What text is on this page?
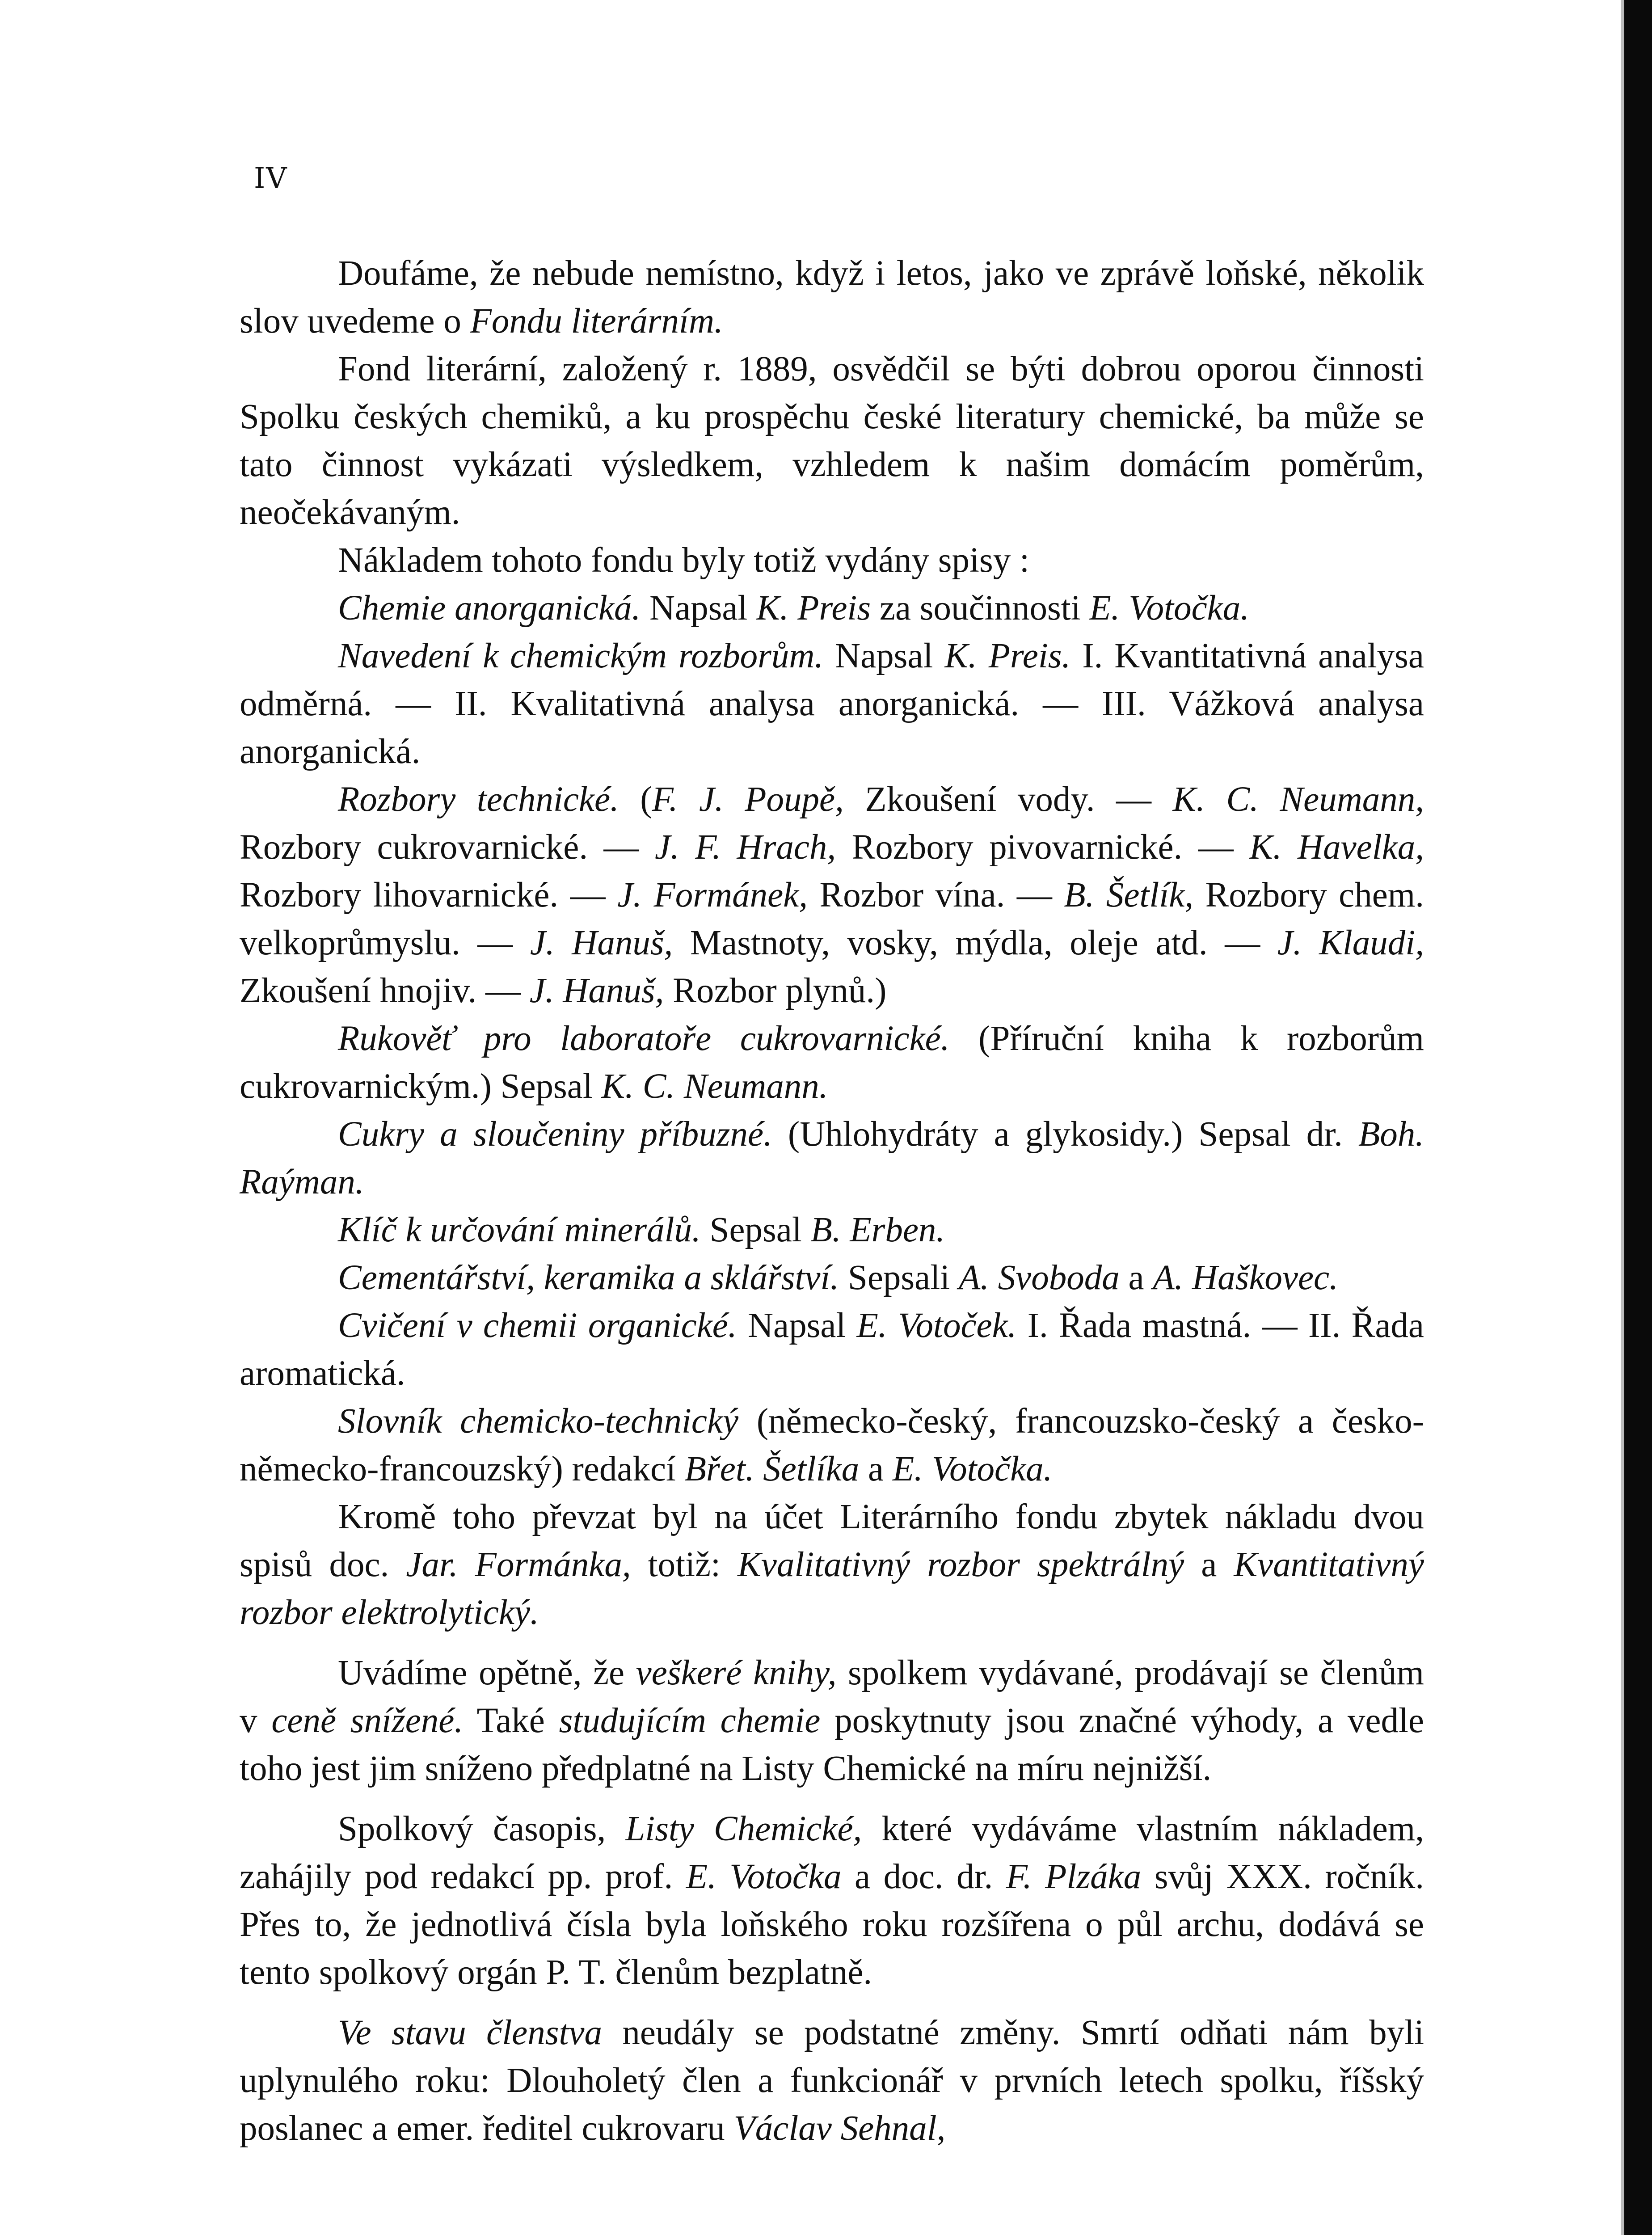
IV

Doufáme, že nebude nemístno, když i letos, jako ve zprávě loňské, několik slov uvedeme o Fondu literárním.

Fond literární, založený r. 1889, osvědčil se býti dobrou oporou činnosti Spolku českých chemiků, a ku prospěchu české literatury chemické, ba může se tato činnost vykázati výsledkem, vzhledem k našim domácím poměrům, neočekávaným.

Nákladem tohoto fondu byly totiž vydány spisy :

Chemie anorganická. Napsal K. Preis za součinnosti E. Votočka.

Navedení k chemickým rozborům. Napsal K. Preis. I. Kvantitativná analysa odměrná. — II. Kvalitativná analysa anorganická. — III. Vážková analysa anorganická.

Rozbory technické. (F. J. Poupě, Zkoušení vody. — K. C. Neumann, Rozbory cukrovarnické. — J. F. Hrach, Rozbory pivovarnické. — K. Havelka, Rozbory lihovarnické. — J. Formánek, Rozbor vína. — B. Šetlík, Rozbory chem. velkoprůmyslu. — J. Hanuš, Mastnoty, vosky, mýdla, oleje atd. — J. Klaudi, Zkoušení hnojiv. — J. Hanuš, Rozbor plynů.)

Rukověť pro laboratoře cukrovarnické. (Příruční kniha k rozborům cukrovarnickým.) Sepsal K. C. Neumann.

Cukry a sloučeniny příbuzné. (Uhlohydráty a glykosidy.) Sepsal dr. Boh. Raýman.

Klíč k určování minerálů. Sepsal B. Erben.

Cementářství, keramika a sklářství. Sepsali A. Svoboda a A. Haškovec.

Cvičení v chemii organické. Napsal E. Votoček. I. Řada mastná. — II. Řada aromatická.

Slovník chemicko-technický (německo-český, francouzsko-český a česko-německo-francouzský) redakcí Břet. Šetlíka a E. Votočka.

Kromě toho převzat byl na účet Literárního fondu zbytek nákladu dvou spisů doc. Jar. Formánka, totiž: Kvalitativný rozbor spektrálný a Kvantitativný rozbor elektrolytický.

Uvádíme opětně, že veškeré knihy, spolkem vydávané, prodávají se členům v ceně snížené. Také studujícím chemie poskytnuty jsou značné výhody, a vedle toho jest jim sníženo předplatné na Listy Chemické na míru nejnižší.

Spolkový časopis, Listy Chemické, které vydáváme vlastním nákladem, zahájily pod redakcí pp. prof. E. Votočka a doc. dr. F. Plzáka svůj XXX. ročník. Přes to, že jednotlivá čísla byla loňského roku rozšířena o půl archu, dodává se tento spolkový orgán P. T. členům bezplatně.

Ve stavu členstva neudály se podstatné změny. Smrtí odňati nám byli uplynulého roku: Dlouholetý člen a funkcionář v prvních letech spolku, říšský poslanec a emer. ředitel cukrovaru Václav Sehnal,
